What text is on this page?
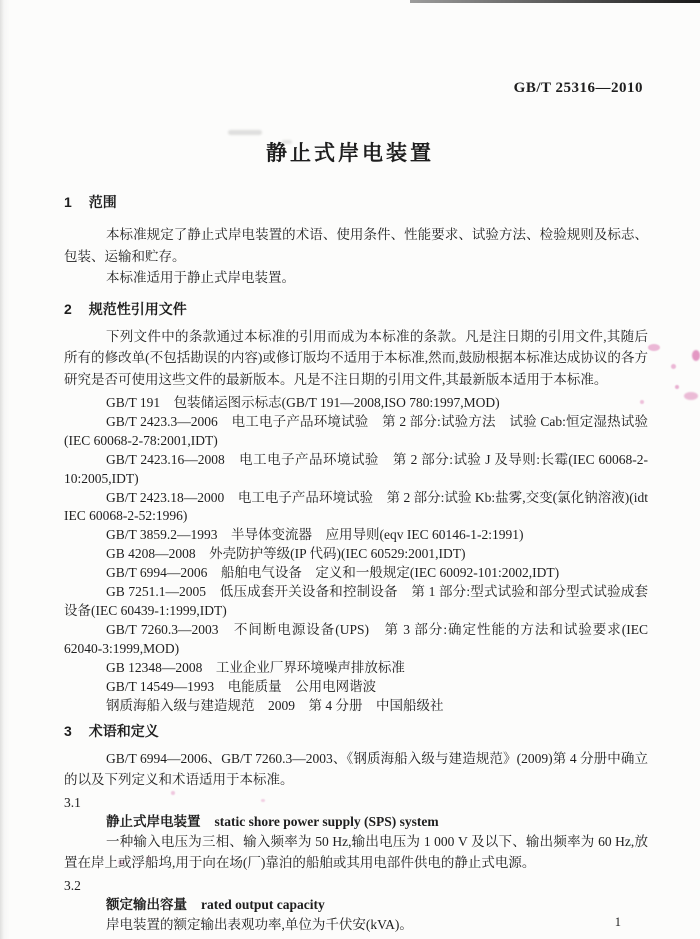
GB/T 25316—2010
静止式岸电装置

1 范围

本标准规定了静止式岸电装置的术语、使用条件、性能要求、试验方法、检验规则及标志、包装、运输和贮存。

本标准适用于静止式岸电装置。

2 规范性引用文件

下列文件中的条款通过本标准的引用而成为本标准的条款。凡是注日期的引用文件,其随后所有的修改单(不包括勘误的内容)或修订版均不适用于本标准,然而,鼓励根据本标准达成协议的各方研究是否可使用这些文件的最新版本。凡是不注日期的引用文件,其最新版本适用于本标准。

GB/T 191　包装储运图示标志(GB/T 191—2008,ISO 780:1997,MOD)

GB/T 2423.3—2006　电工电子产品环境试验　第 2 部分:试验方法　试验 Cab:恒定湿热试验(IEC 60068-2-78:2001,IDT)

GB/T 2423.16—2008　电工电子产品环境试验　第 2 部分:试验 J 及导则:长霉(IEC 60068-2-10:2005,IDT)

GB/T 2423.18—2000　电工电子产品环境试验　第 2 部分:试验 Kb:盐雾,交变(氯化钠溶液)(idt IEC 60068-2-52:1996)

GB/T 3859.2—1993　半导体变流器　应用导则(eqv IEC 60146-1-2:1991)

GB 4208—2008　外壳防护等级(IP 代码)(IEC 60529:2001,IDT)

GB/T 6994—2006　船舶电气设备　定义和一般规定(IEC 60092-101:2002,IDT)

GB 7251.1—2005　低压成套开关设备和控制设备　第 1 部分:型式试验和部分型式试验成套设备(IEC 60439-1:1999,IDT)

GB/T 7260.3—2003　不间断电源设备(UPS)　第 3 部分:确定性能的方法和试验要求(IEC 62040-3:1999,MOD)

GB 12348—2008　工业企业厂界环境噪声排放标准

GB/T 14549—1993　电能质量　公用电网谐波

钢质海船入级与建造规范　2009　第 4 分册　中国船级社

3 术语和定义

GB/T 6994—2006、GB/T 7260.3—2003、《钢质海船入级与建造规范》(2009)第 4 分册中确立的以及下列定义和术语适用于本标准。

3.1

静止式岸电装置 static shore power supply (SPS) system

一种输入电压为三相、输入频率为 50 Hz,输出电压为 1 000 V 及以下、输出频率为 60 Hz,放置在岸上或浮船坞,用于向在场(厂)靠泊的船舶或其用电部件供电的静止式电源。

3.2

额定输出容量 rated output capacity

岸电装置的额定输出表观功率,单位为千伏安(kVA)。	1
